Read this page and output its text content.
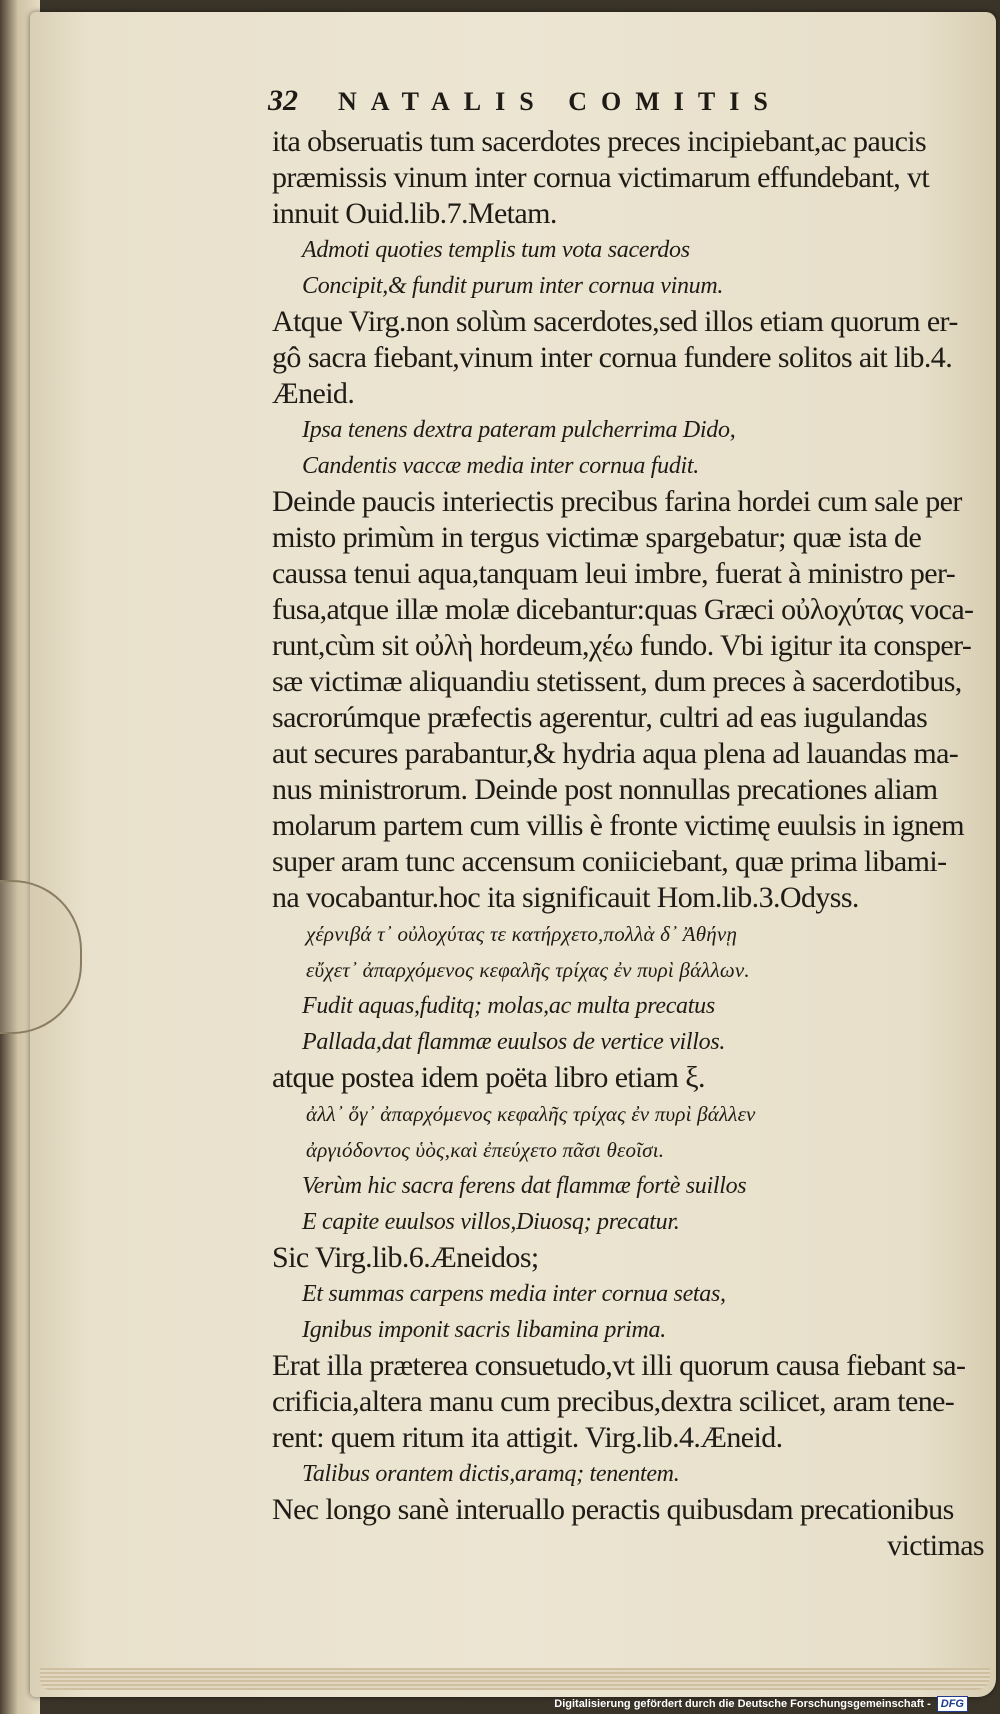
32 NATALIS COMITIS
ita obseruatis tum sacerdotes preces incipiebant,ac paucis
præmissis vinum inter cornua victimarum effundebant, vt
innuit Ouid.lib.7.Metam.
Admoti quoties templis tum vota sacerdos
Concipit,& fundit purum inter cornua vinum.
Atque Virg.non solùm sacerdotes,sed illos etiam quorum er-
gô sacra fiebant,vinum inter cornua fundere solitos ait lib.4.
Æneid.
Ipsa tenens dextra pateram pulcherrima Dido,
Candentis vaccæ media inter cornua fudit.
Deinde paucis interiectis precibus farina hordei cum sale per
misto primùm in tergus victimæ spargebatur; quæ ista de
caussa tenui aqua,tanquam leui imbre, fuerat à ministro per-
fusa,atque illæ molæ dicebantur:quas Græci οὐλοχύτας voca-
runt,cùm sit οὐλὴ hordeum,χέω fundo. Vbi igitur ita consper-
sæ victimæ aliquandiu stetissent, dum preces à sacerdotibus,
sacrorúmque præfectis agerentur, cultri ad eas iugulandas
aut secures parabantur,& hydria aqua plena ad lauandas ma-
nus ministrorum. Deinde post nonnullas precationes aliam
molarum partem cum villis è fronte victimę euulsis in ignem
super aram tunc accensum coniiciebant, quæ prima libami-
na vocabantur.hoc ita significauit Hom.lib.3.Odyss.
χέρνιβά τ᾽ οὐλοχύτας τε κατήρχετο,πολλὰ δ᾽ Ἀθήνῃ
εὔχετ᾽ ἀπαρχόμενος κεφαλῆς τρίχας ἐν πυρὶ βάλλων.
Fudit aquas,fuditq; molas,ac multa precatus
Pallada,dat flammæ euulsos de vertice villos.
atque postea idem poëta libro etiam ξ.
ἀλλ᾽ ὅγ᾽ ἀπαρχόμενος κεφαλῆς τρίχας ἐν πυρὶ βάλλεν
ἀργιόδοντος ὑὸς,καὶ ἐπεύχετο πᾶσι θεοῖσι.
Verùm hic sacra ferens dat flammæ fortè suillos
E capite euulsos villos,Diuosq; precatur.
Sic Virg.lib.6.Æneidos;
Et summas carpens media inter cornua setas,
Ignibus imponit sacris libamina prima.
Erat illa præterea consuetudo,vt illi quorum causa fiebant sa-
crificia,altera manu cum precibus,dextra scilicet, aram tene-
rent: quem ritum ita attigit. Virg.lib.4.Æneid.
Talibus orantem dictis,aramq; tenentem.
Nec longo sanè interuallo peractis quibusdam precationibus
victimas
Digitalisierung gefördert durch die Deutsche Forschungsgemeinschaft - DFG
